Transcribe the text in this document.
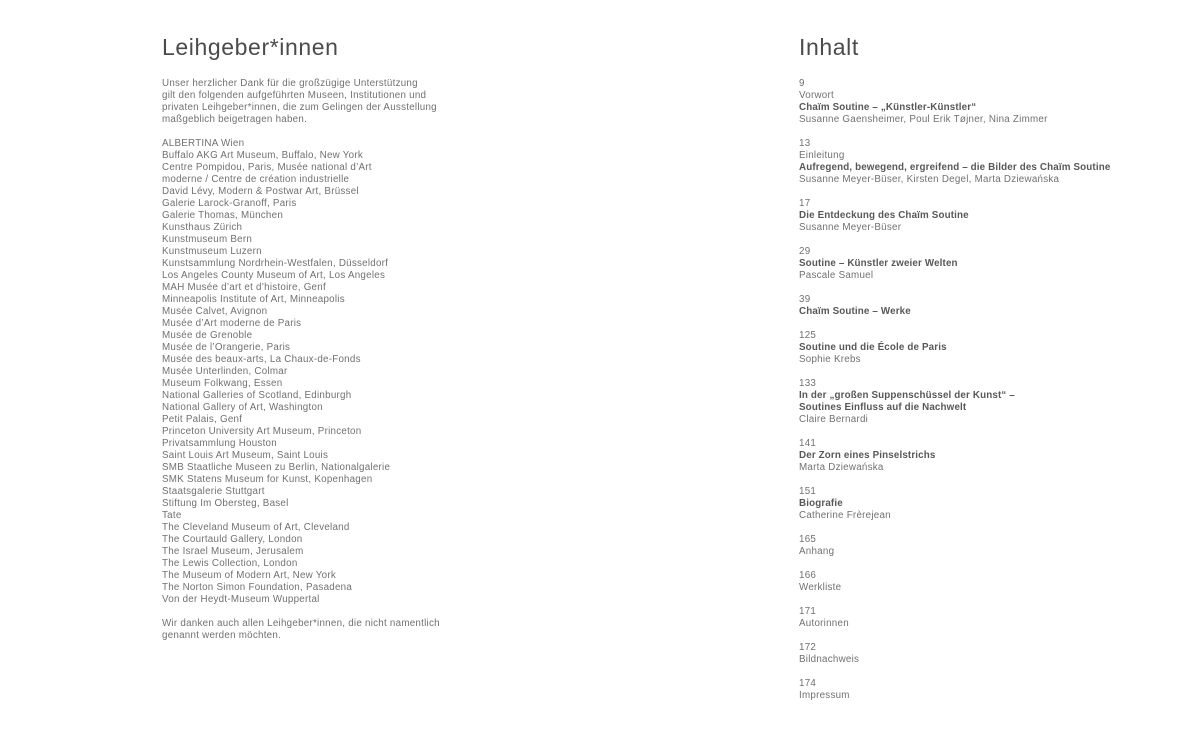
Leihgeber*innen
Unser herzlicher Dank für die großzügige Unterstützung
gilt den folgenden aufgeführten Museen, Institutionen und
privaten Leihgeber*innen, die zum Gelingen der Ausstellung
maßgeblich beigetragen haben.
ALBERTINA Wien
Buffalo AKG Art Museum, Buffalo, New York
Centre Pompidou, Paris, Musée national d’Art
moderne / Centre de création industrielle
David Lévy, Modern & Postwar Art, Brüssel
Galerie Larock-Granoff, Paris
Galerie Thomas, München
Kunsthaus Zürich
Kunstmuseum Bern
Kunstmuseum Luzern
Kunstsammlung Nordrhein-Westfalen, Düsseldorf
Los Angeles County Museum of Art, Los Angeles
MAH Musée d’art et d’histoire, Genf
Minneapolis Institute of Art, Minneapolis
Musée Calvet, Avignon
Musée d’Art moderne de Paris
Musée de Grenoble
Musée de l’Orangerie, Paris
Musée des beaux-arts, La Chaux-de-Fonds
Musée Unterlinden, Colmar
Museum Folkwang, Essen
National Galleries of Scotland, Edinburgh
National Gallery of Art, Washington
Petit Palais, Genf
Princeton University Art Museum, Princeton
Privatsammlung Houston
Saint Louis Art Museum, Saint Louis
SMB Staatliche Museen zu Berlin, Nationalgalerie
SMK Statens Museum for Kunst, Kopenhagen
Staatsgalerie Stuttgart
Stiftung Im Obersteg, Basel
Tate
The Cleveland Museum of Art, Cleveland
The Courtauld Gallery, London
The Israel Museum, Jerusalem
The Lewis Collection, London
The Museum of Modern Art, New York
The Norton Simon Foundation, Pasadena
Von der Heydt-Museum Wuppertal
Wir danken auch allen Leihgeber*innen, die nicht namentlich
genannt werden möchten.
Inhalt
9
Vorwort
Chaïm Soutine – „Künstler-Künstler“
Susanne Gaensheimer, Poul Erik Tøjner, Nina Zimmer
13
Einleitung
Aufregend, bewegend, ergreifend – die Bilder des Chaïm Soutine
Susanne Meyer-Büser, Kirsten Degel, Marta Dziewańska
17
Die Entdeckung des Chaïm Soutine
Susanne Meyer-Büser
29
Soutine – Künstler zweier Welten
Pascale Samuel
39
Chaïm Soutine – Werke
125
Soutine und die École de Paris
Sophie Krebs
133
In der „großen Suppenschüssel der Kunst“ –
Soutines Einfluss auf die Nachwelt
Claire Bernardi
141
Der Zorn eines Pinselstrichs
Marta Dziewańska
151
Biografie
Catherine Frèrejean
165
Anhang
166
Werkliste
171
Autorinnen
172
Bildnachweis
174
Impressum
